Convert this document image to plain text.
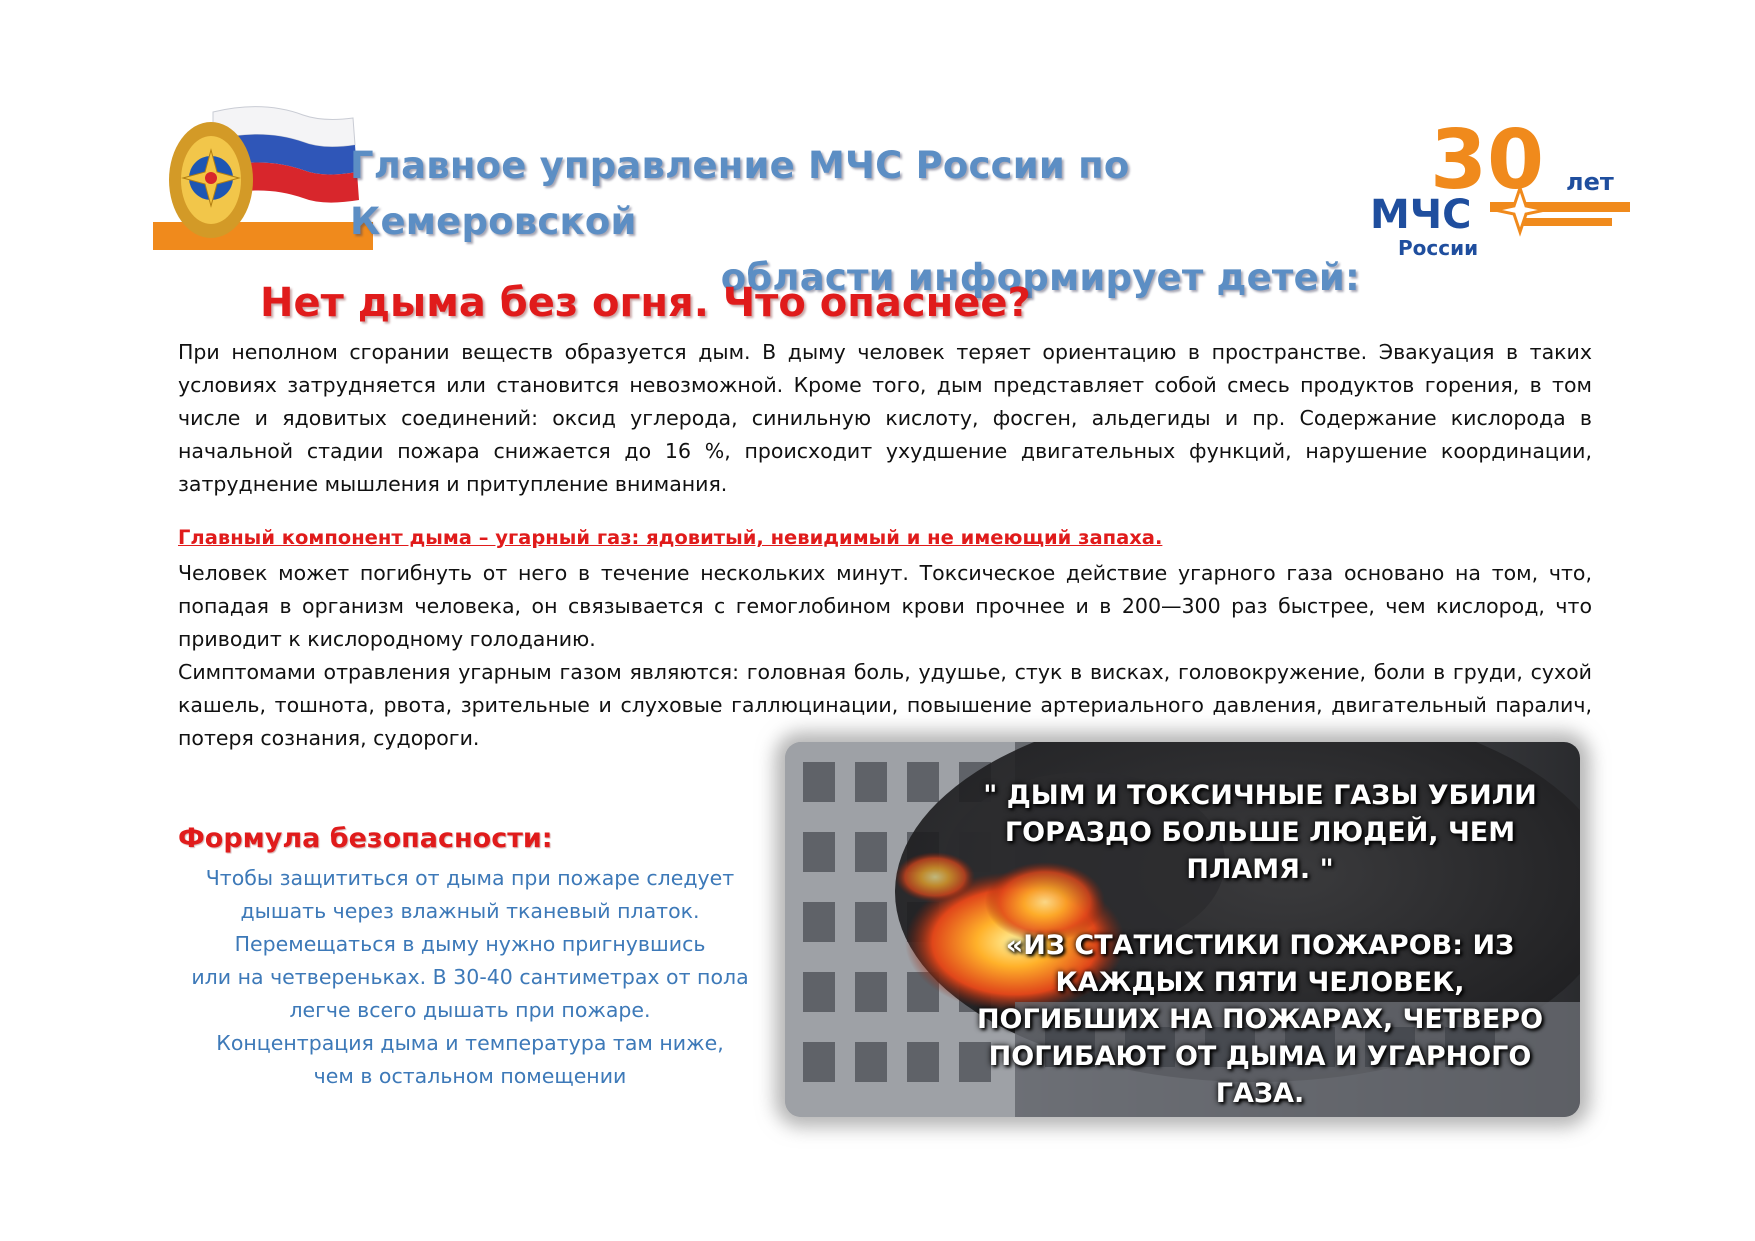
Главное управление МЧС России по Кемеровской
области информирует детей:
30 лет
МЧС
России
Нет дыма без огня. Что опаснее?

При неполном сгорании веществ образуется дым. В дыму человек теряет ориентацию в пространстве. Эвакуация в таких условиях затрудняется или становится невозможной. Кроме того, дым представляет собой смесь продуктов горения, в том числе и ядовитых соединений: оксид углерода, синильную кислоту, фосген, альдегиды и пр. Содержание кислорода в начальной стадии пожара снижается до 16 %, происходит ухудшение двигательных функций, нарушение координации, затруднение мышления и притупление внимания.

Главный компонент дыма – угарный газ: ядовитый, невидимый и не имеющий запаха.

Человек может погибнуть от него в течение нескольких минут. Токсическое действие угарного газа основано на том, что, попадая в организм человека, он связывается с гемоглобином крови прочнее и в 200—300 раз быстрее, чем кислород, что приводит к кислородному голоданию.

Симптомами отравления угарным газом являются: головная боль, удушье, стук в висках, головокружение, боли в груди, сухой кашель, тошнота, рвота, зрительные и слуховые галлюцинации, повышение артериального давления, двигательный паралич, потеря сознания, судороги.

Формула безопасности:
Чтобы защититься от дыма при пожаре следует
дышать через влажный тканевый платок.
Перемещаться в дыму нужно пригнувшись
или на четвереньках. В 30-40 сантиметрах от пола
легче всего дышать при пожаре.
Концентрация дыма и температура там ниже,
чем в остальном помещении
" ДЫМ И ТОКСИЧНЫЕ ГАЗЫ УБИЛИ ГОРАЗДО БОЛЬШЕ ЛЮДЕЙ, ЧЕМ ПЛАМЯ. "
«ИЗ СТАТИСТИКИ ПОЖАРОВ: ИЗ КАЖДЫХ ПЯТИ ЧЕЛОВЕК, ПОГИБШИХ НА ПОЖАРАХ, ЧЕТВЕРО ПОГИБАЮТ ОТ ДЫМА И УГАРНОГО ГАЗА.
